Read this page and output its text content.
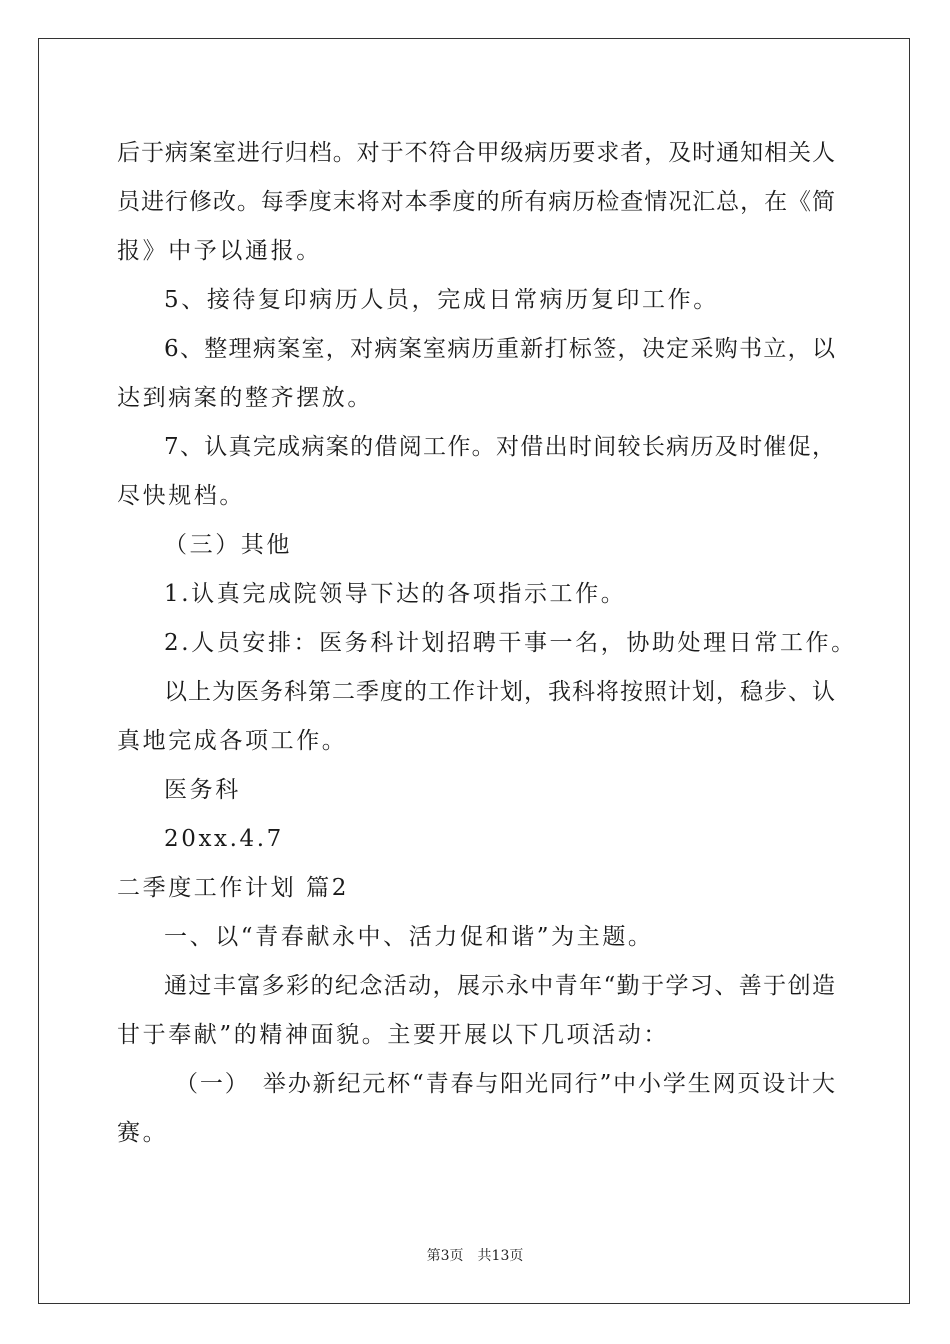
后于病案室进行归档。对于不符合甲级病历要求者，及时通知相关人
员进行修改。每季度末将对本季度的所有病历检查情况汇总，在《简
报》中予以通报。
5、接待复印病历人员，完成日常病历复印工作。
6、整理病案室，对病案室病历重新打标签，决定采购书立，以
达到病案的整齐摆放。
7、认真完成病案的借阅工作。对借出时间较长病历及时催促，
尽快规档。
（三）其他
1.认真完成院领导下达的各项指示工作。
2.人员安排：医务科计划招聘干事一名，协助处理日常工作。
以上为医务科第二季度的工作计划，我科将按照计划，稳步、认
真地完成各项工作。
医务科
20xx.4.7
二季度工作计划 篇2
一、以“青春献永中、活力促和谐”为主题。
通过丰富多彩的纪念活动，展示永中青年“勤于学习、善于创造
甘于奉献”的精神面貌。主要开展以下几项活动：
（一）　举办新纪元杯“青春与阳光同行”中小学生网页设计大
赛。
第3页　共13页
